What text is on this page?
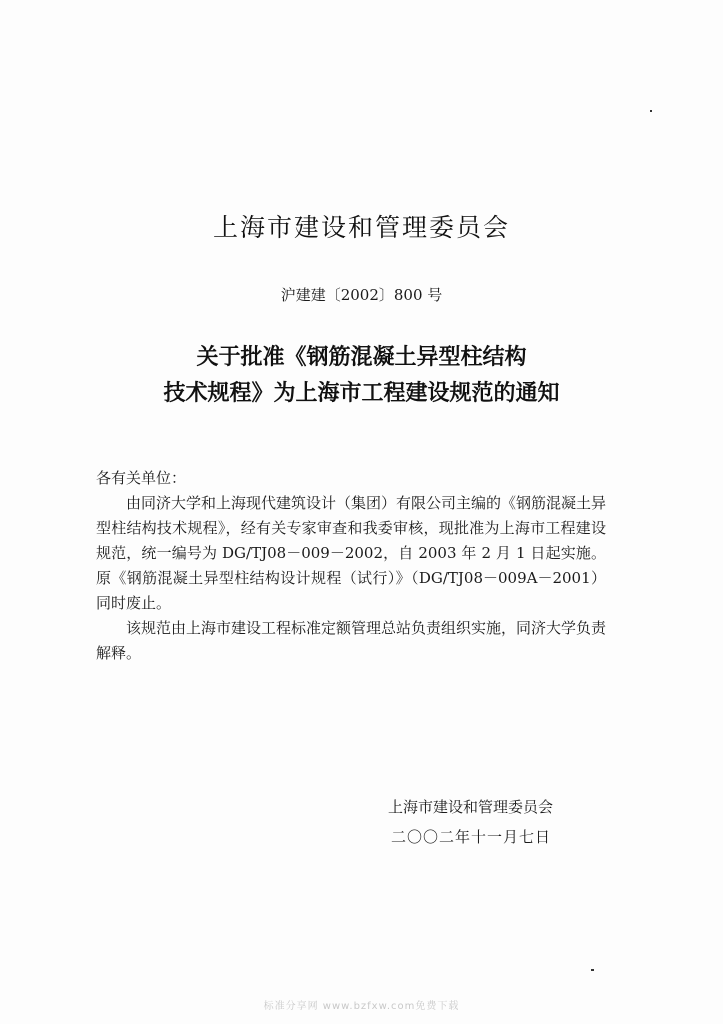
上海市建设和管理委员会
沪建建〔2002〕800 号
关于批准《钢筋混凝土异型柱结构
技术规程》为上海市工程建设规范的通知

各有关单位：

由同济大学和上海现代建筑设计（集团）有限公司主编的《钢筋混凝土异型柱结构技术规程》，经有关专家审查和我委审核，现批准为上海市工程建设规范，统一编号为 DG/TJ08－009－2002，自 2003 年 2 月 1 日起实施。原《钢筋混凝土异型柱结构设计规程（试行）》（DG/TJ08－009A－2001）同时废止。

该规范由上海市建设工程标准定额管理总站负责组织实施，同济大学负责解释。

上海市建设和管理委员会
二〇〇二年十一月七日
标准分享网 www.bzfxw.com免费下载
